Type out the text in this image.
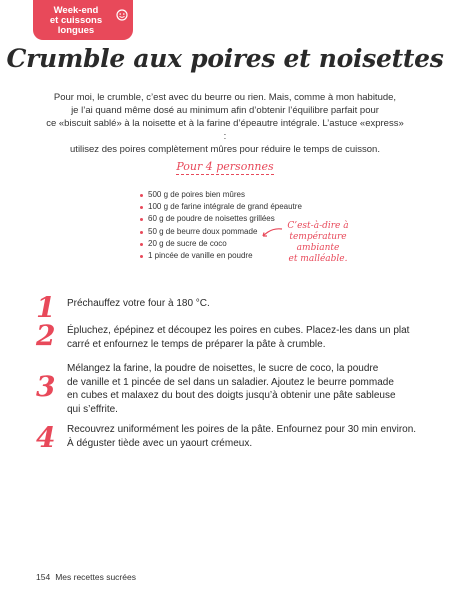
Week-end
et cuissons
longues
Crumble aux poires et noisettes

Pour moi, le crumble, c’est avec du beurre ou rien. Mais, comme à mon habitude,

je l’ai quand même dosé au minimum afin d’obtenir l’équilibre parfait pour

ce «biscuit sablé» à la noisette et à la farine d’épeautre intégrale. L’astuce «express» :

utilisez des poires complètement mûres pour réduire le temps de cuisson.

Pour 4 personnes
500 g de poires bien mûres
100 g de farine intégrale de grand épeautre
60 g de poudre de noisettes grillées
50 g de beurre doux pommade
20 g de sucre de coco
1 pincée de vanille en poudre
C’est-à-dire à
température ambiante
et malléable.
1 Préchauffez votre four à 180 °C.
2 Épluchez, épépinez et découpez les poires en cubes. Placez-les dans un plat
carré et enfournez le temps de préparer la pâte à crumble.
3
Mélangez la farine, la poudre de noisettes, le sucre de coco, la poudre
de vanille et 1 pincée de sel dans un saladier. Ajoutez le beurre pommade
en cubes et malaxez du bout des doigts jusqu’à obtenir une pâte sableuse
qui s’effrite.
4 Recouvrez uniformément les poires de la pâte. Enfournez pour 30 min environ.
À déguster tiède avec un yaourt crémeux.
154 Mes recettes sucrées
